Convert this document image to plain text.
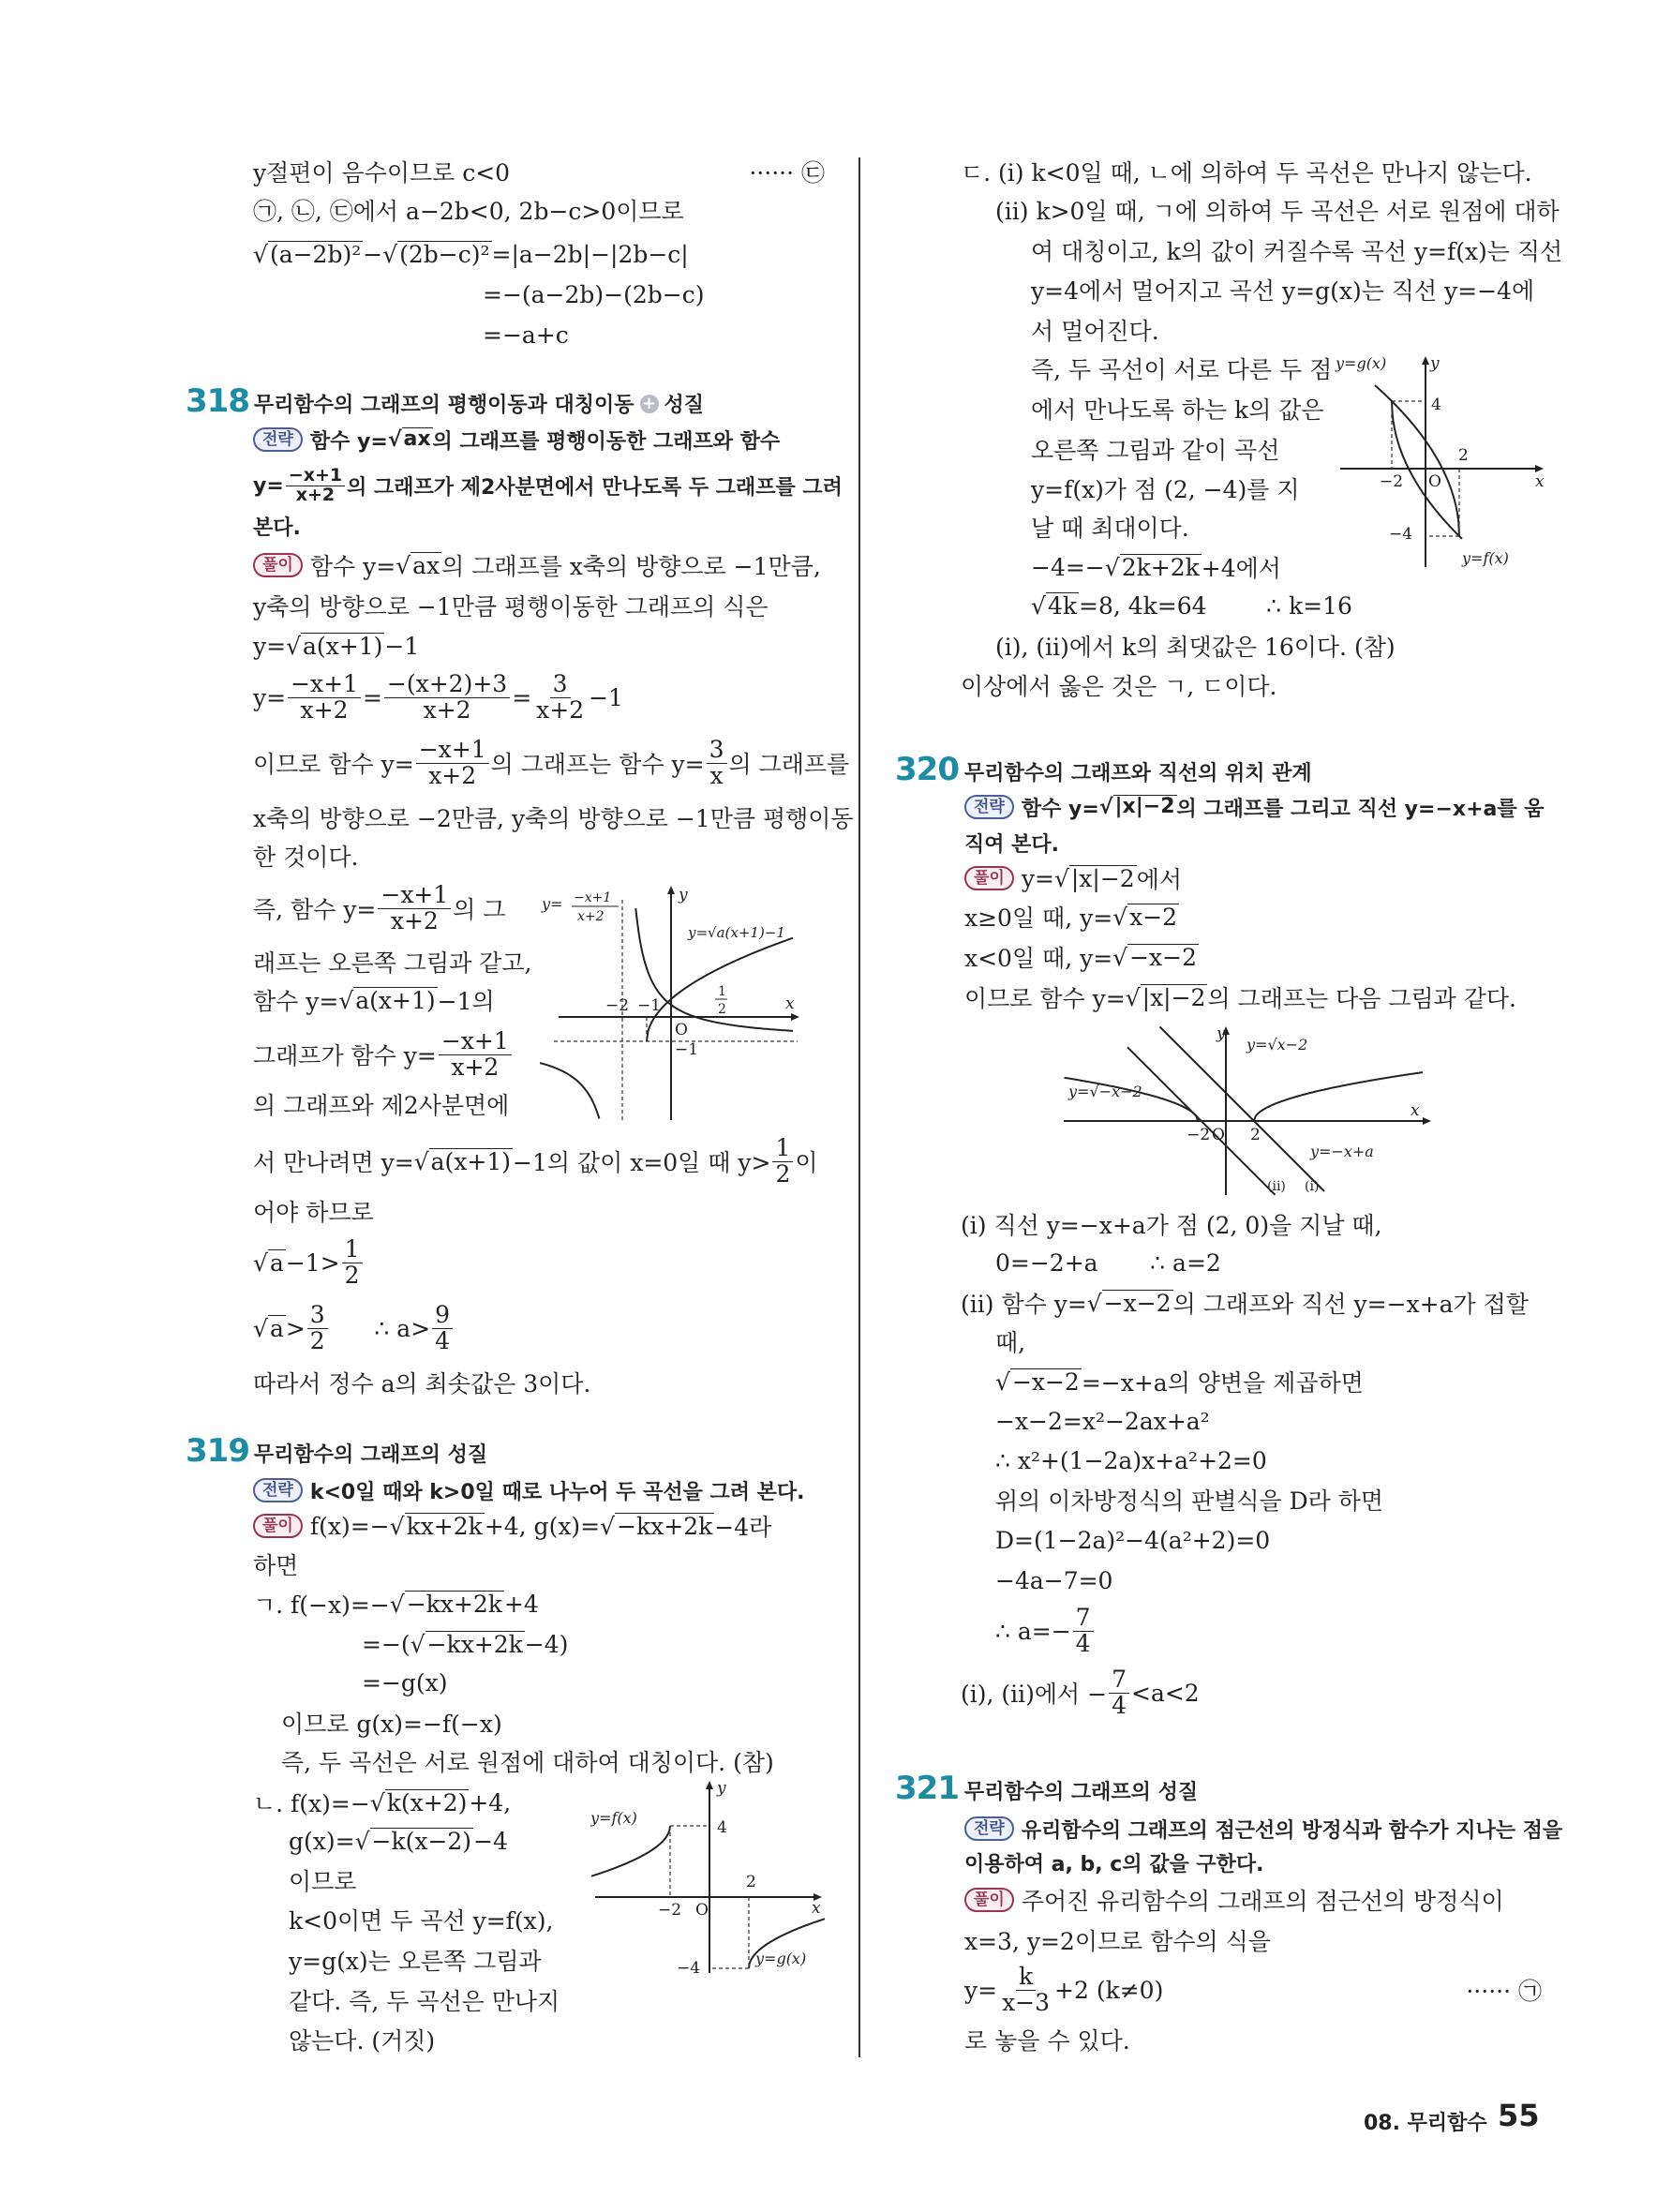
y절편이 음수이므로 c<0	······ ㉢
㉠, ㉡, ㉢에서 a−2b<0, 2b−c>0이므로
√ (a−2b)² − √ (2b−c)² =|a−2b|−|2b−c|
=−(a−2b)−(2b−c)
=−a+c
전략 함수 y= √ ax 의 그래프를 평행이동한 그래프와 함수
$y= \frac{-x+1}{x+2}$ 의 그래프가 제2사분면에서 만나도록 두 그래프를 그려
본다.
풀이 함수 y= √ ax 의 그래프를 x축의 방향으로 −1만큼,
y축의 방향으로 −1만큼 평행이동한 그래프의 식은
y= √ a(x+1) −1
$y= \frac{-x+1}{x+2} = \frac{-(x+2)+3}{x+2} = \frac{3}{x+2} -1$
이므로 함수 $y= \frac{-x+1}{x+2}$ 의 그래프는 함수 $y= \frac{3}{x}$ 의 그래프를
x축의 방향으로 −2만큼, y축의 방향으로 −1만큼 평행이동
한 것이다.
즉, 함수 $y= \frac{-x+1}{x+2}$ 의 그
래프는 오른쪽 그림과 같고,
함수 y= √ a(x+1) −1의
그래프가 함수 $y= \frac{-x+1}{x+2}$
의 그래프와 제2사분면에
서 만나려면 y= √ a(x+1) −1의 값이 x=0일 때 $y> \frac{1}{2}$ 이
어야 하므로
√ $a -1> \frac{1}{2}$
√ $a > \frac{3}{2}$ ∴ $a> \frac{9}{4}$
따라서 정수 a의 최솟값은 3이다.
전략 k<0일 때와 k>0일 때로 나누어 두 곡선을 그려 본다.
풀이 f(x)=− √ kx+2k +4, g(x)= √ −kx+2k −4라
하면
ㄱ. f(−x)=− √ −kx+2k +4
=−( √ −kx+2k −4)
=−g(x)
이므로 g(x)=−f(−x)
즉, 두 곡선은 서로 원점에 대하여 대칭이다. (참)
ㄴ. f(x)=− √ k(x+2) +4,
g(x)= √ −k(x−2) −4
이므로
k<0이면 두 곡선 y=f(x),
y=g(x)는 오른쪽 그림과
같다. 즉, 두 곡선은 만나지
않는다. (거짓)
ㄷ. (i) k<0일 때, ㄴ에 의하여 두 곡선은 만나지 않는다.
(ii) k>0일 때, ㄱ에 의하여 두 곡선은 서로 원점에 대하
여 대칭이고, k의 값이 커질수록 곡선 y=f(x)는 직선
y=4에서 멀어지고 곡선 y=g(x)는 직선 y=−4에
서 멀어진다.
즉, 두 곡선이 서로 다른 두 점
에서 만나도록 하는 k의 값은
오른쪽 그림과 같이 곡선
y=f(x)가 점 (2, −4)를 지
날 때 최대이다.
−4=− √ 2k+2k +4에서
√ 4k =8, 4k=64        ∴ k=16
(i), (ii)에서 k의 최댓값은 16이다. (참)
이상에서 옳은 것은 ㄱ, ㄷ이다.
전략 함수 y= √ |x|−2 의 그래프를 그리고 직선 y=−x+a를 움
직여 본다.
풀이 y= √ |x|−2 에서
x≥0일 때, y= √ x−2
x<0일 때, y= √ −x−2
이므로 함수 y= √ |x|−2 의 그래프는 다음 그림과 같다.
(i) 직선 y=−x+a가 점 (2, 0)을 지날 때,
0=−2+a       ∴ a=2
(ii) 함수 y= √ −x−2 의 그래프와 직선 y=−x+a가 접할
때,
√ −x−2 =−x+a의 양변을 제곱하면
−x−2=x²−2ax+a²
∴ x²+(1−2a)x+a²+2=0
위의 이차방정식의 판별식을 D라 하면
D=(1−2a)²−4(a²+2)=0
−4a−7=0
∴ $a=- \frac{7}{4}$
(i), (ii)에서 − $\frac{7}{4} <a<2$
전략 유리함수의 그래프의 점근선의 방정식과 함수가 지나는 점을
이용하여 a, b, c의 값을 구한다.
풀이 주어진 유리함수의 그래프의 점근선의 방정식이
x=3, y=2이므로 함수의 식을
$y= \frac{k}{x-3} +2$ (k≠0)	······ ㉠
로 놓을 수 있다.
318 무리함수의 그래프의 평행이동과 대칭이동 + 성질
319 무리함수의 그래프의 성질
320 무리함수의 그래프와 직선의 위치 관계
321 무리함수의 그래프의 성질
y= −x+1
x+2
y=√a(x+1)−1
y
x
−2 −1
O
−1
1
2
y=f(x)
y
4
−2 O
2
x
−4
y=g(x)
y=g(x)	y
4
2
−2 O	x
−4
y=f(x)
y
y=√x−2
y=√−x−2
−2 O 2
x
y=−x+a
(ii) (i)
08. 무리함수 55
